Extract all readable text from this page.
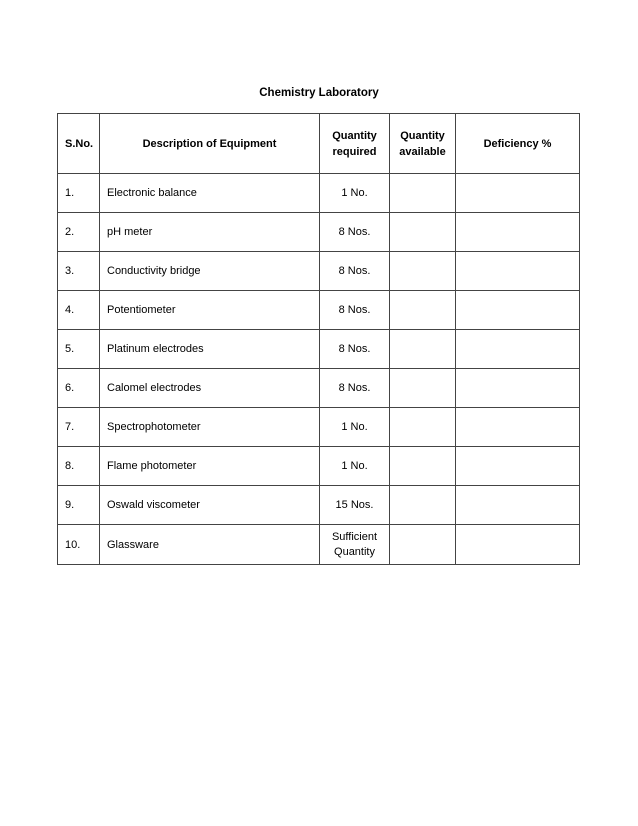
Chemistry Laboratory
S.No.	Description of Equipment	Quantity required	Quantity available	Deficiency %
1.	Electronic balance	1 No.		
2.	pH meter	8 Nos.		
3.	Conductivity bridge	8 Nos.		
4.	Potentiometer	8 Nos.		
5.	Platinum electrodes	8 Nos.		
6.	Calomel electrodes	8 Nos.		
7.	Spectrophotometer	1 No.		
8.	Flame photometer	1 No.		
9.	Oswald viscometer	15 Nos.		
10.	Glassware	Sufficient Quantity		
